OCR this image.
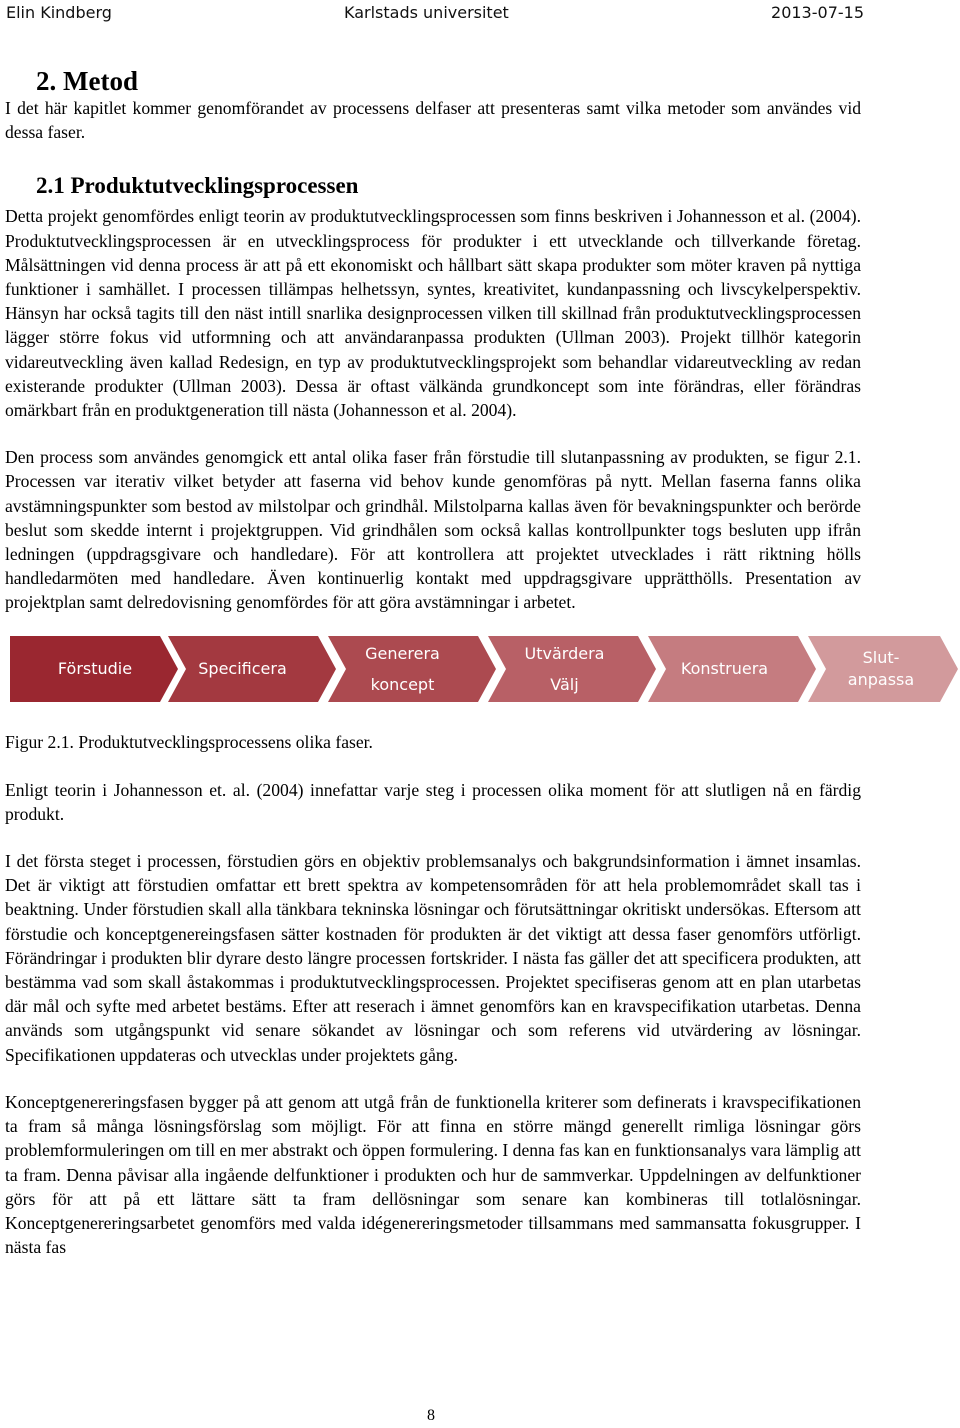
Elin Kindberg	Karlstads universitet	2013-07-15
2. Metod

I det här kapitlet kommer genomförandet av processens delfaser att presenteras samt vilka metoder som användes vid dessa faser.

2.1 Produktutvecklingsprocessen

Detta projekt genomfördes enligt teorin av produktutvecklingsprocessen som finns beskriven i Johannesson et al. (2004). Produktutvecklingsprocessen är en utvecklingsprocess för produkter i ett utvecklande och tillverkande företag. Målsättningen vid denna process är att på ett ekonomiskt och hållbart sätt skapa produkter som möter kraven på nyttiga funktioner i samhället. I processen tillämpas helhetssyn, syntes, kreativitet, kundanpassning och livscykelperspektiv. Hänsyn har också tagits till den näst intill snarlika designprocessen vilken till skillnad från produktutvecklingsprocessen lägger större fokus vid utformning och att användaranpassa produkten (Ullman 2003). Projekt tillhör kategorin vidareutveckling även kallad Redesign, en typ av produktutvecklingsprojekt som behandlar vidareutveckling av redan existerande produkter (Ullman 2003). Dessa är oftast välkända grundkoncept som inte förändras, eller förändras omärkbart från en produktgeneration till nästa (Johannesson et al. 2004).

Den process som användes genomgick ett antal olika faser från förstudie till slutanpassning av produkten, se figur 2.1. Processen var iterativ vilket betyder att faserna vid behov kunde genomföras på nytt. Mellan faserna fanns olika avstämningspunkter som bestod av milstolpar och grindhål. Milstolparna kallas även för bevakningspunkter och berörde beslut som skedde internt i projektgruppen. Vid grindhålen som också kallas kontrollpunkter togs besluten upp ifrån ledningen (uppdragsgivare och handledare). För att kontrollera att projektet utvecklades i rätt riktning hölls handledarmöten med handledare. Även kontinuerlig kontakt med uppdragsgivare upprätthölls. Presentation av projektplan samt delredovisning genomfördes för att göra avstämningar i arbetet.

Förstudie	Specificera
Generera
koncept
Utvärdera
Välj
Konstruera
Slut-
anpassa
Figur 2.1. Produktutvecklingsprocessens olika faser.

Enligt teorin i Johannesson et. al. (2004) innefattar varje steg i processen olika moment för att slutligen nå en färdig produkt.

I det första steget i processen, förstudien görs en objektiv problemsanalys och bakgrundsinformation i ämnet insamlas. Det är viktigt att förstudien omfattar ett brett spektra av kompetensområden för att hela problemområdet skall tas i beaktning. Under förstudien skall alla tänkbara tekninska lösningar och förutsättningar okritiskt undersökas. Eftersom att förstudie och konceptgenereingsfasen sätter kostnaden för produkten är det viktigt att dessa faser genomförs utförligt. Förändringar i produkten blir dyrare desto längre processen fortskrider. I nästa fas gäller det att specificera produkten, att bestämma vad som skall åstakommas i produktutvecklingsprocessen. Projektet specifiseras genom att en plan utarbetas där mål och syfte med arbetet bestäms. Efter att reserach i ämnet genomförs kan en kravspecifikation utarbetas. Denna används som utgångspunkt vid senare sökandet av lösningar och som referens vid utvärdering av lösningar. Specifikationen uppdateras och utvecklas under projektets gång.

Konceptgenereringsfasen bygger på att genom att utgå från de funktionella kriterer som definerats i kravspecifikationen ta fram så många lösningsförslag som möjligt. För att finna en större mängd generellt rimliga lösningar görs problemformuleringen om till en mer abstrakt och öppen formulering. I denna fas kan en funktionsanalys vara lämplig att ta fram. Denna påvisar alla ingående delfunktioner i produkten och hur de sammverkar. Uppdelningen av delfunktioner görs för att på ett lättare sätt ta fram dellösningar som senare kan kombineras till totlalösningar. Konceptgenereringsarbetet genomförs med valda idégenereringsmetoder tillsammans med sammansatta fokusgrupper. I nästa fas

8
